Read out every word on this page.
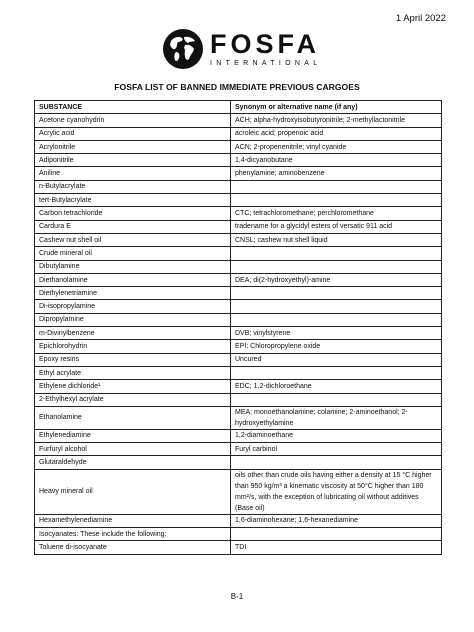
1 April 2022
FOSFA
INTERNATIONAL
FOSFA LIST OF BANNED IMMEDIATE PREVIOUS CARGOES
SUBSTANCE	Synonym or alternative name (if any)
Acetone cyanohydrin	ACH; alpha-hydroxyisobutyronitrile; 2-methyllactonitrile
Acrylic acid	acroleic acid; propenoic acid
Acrylonitrile	ACN; 2-propenenitrile; vinyl cyanide
Adiponitrile	1,4-dicyanobutane
Aniline	phenylamine; aminobenzene
n-Butylacrylate	
tert-Butylacrylate	
Carbon tetrachloride	CTC; tetrachloromethane; perchloromethane
Cardura E	tradename for a glycidyl esters of versatic 911 acid
Cashew nut shell oil	CNSL; cashew nut shell liquid
Crude mineral oil	
Dibutylamine	
Diethanolamine	DEA; di(2-hydroxyethyl)-amine
Diethylenetriamine	
Di-isopropylamine	
Dipropylamine	
m-Divinylbenzene	DVB; vinylstyrene
Epichlorohydrin	EPI; Chloropropylene oxide
Epoxy resins	Uncured
Ethyl acrylate	
Ethylene dichloride¹	EDC; 1,2-dichloroethane
2-Ethylhexyl acrylate	
Ethanolamine	MEA; monoethanolamine; colamine; 2-aminoethanol; 2-hydroxyethylamine
Ethylenediamine	1,2-diaminoethane
Furfuryl alcohol	Furyl carbinol
Glutaraldehyde	
Heavy mineral oil	oils other than crude oils having either a density at 15 °C higher than 950 kg/m³ a kinematic viscosity at 50°C higher than 180 mm²/s, with the exception of lubricating oil without additives (Base oil)
Hexamethylenediamine	1,6-diaminohexane; 1,6-hexanediamine
Isocyanates: These include the following:	
Toluene di-isocyanate	TDI
B-1
